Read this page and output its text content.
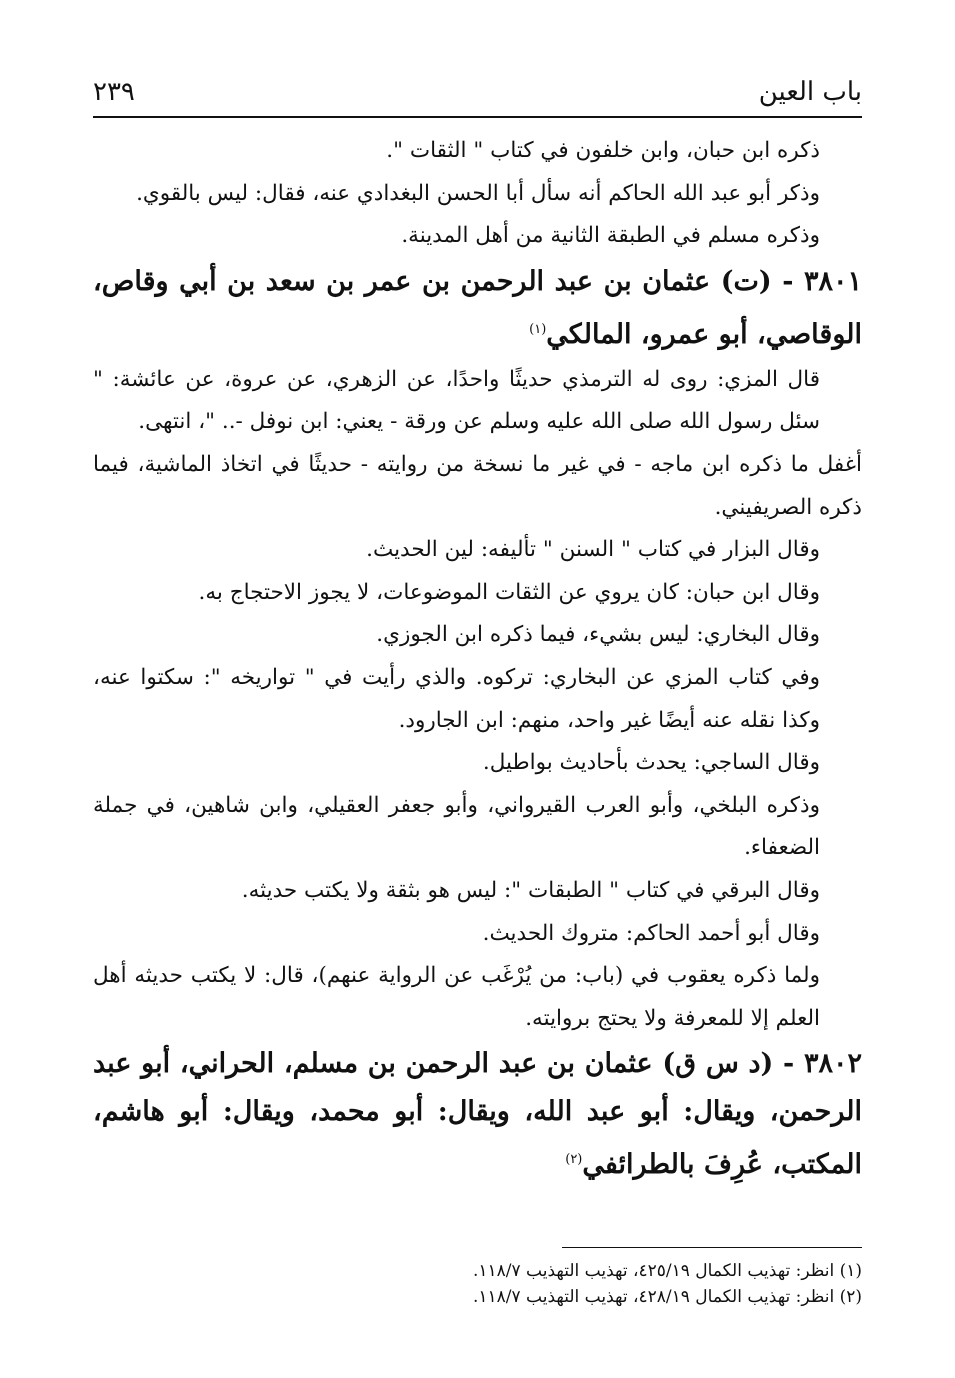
٢٣٩	باب العين

ذكره ابن حبان، وابن خلفون في كتاب " الثقات ".

وذكر أبو عبد الله الحاكم أنه سأل أبا الحسن البغدادي عنه، فقال: ليس بالقوي.

وذكره مسلم في الطبقة الثانية من أهل المدينة.

٣٨٠١ - (ت) عثمان بن عبد الرحمن بن عمر بن سعد بن أبي وقاص، الوقاصي، أبو عمرو، المالكي$^{(١)}$

قال المزي: روى له الترمذي حديثًا واحدًا، عن الزهري، عن عروة، عن عائشة: " سئل رسول الله صلى الله عليه وسلم عن ورقة - يعني: ابن نوفل -.. "، انتهى.

أغفل ما ذكره ابن ماجه - في غير ما نسخة من روايته - حديثًا في اتخاذ الماشية، فيما ذكره الصريفيني.

وقال البزار في كتاب " السنن " تأليفه: لين الحديث.

وقال ابن حبان: كان يروي عن الثقات الموضوعات، لا يجوز الاحتجاج به.

وقال البخاري: ليس بشيء، فيما ذكره ابن الجوزي.

وفي كتاب المزي عن البخاري: تركوه. والذي رأيت في " تواريخه ": سكتوا عنه، وكذا نقله عنه أيضًا غير واحد، منهم: ابن الجارود.

وقال الساجي: يحدث بأحاديث بواطيل.

وذكره البلخي، وأبو العرب القيرواني، وأبو جعفر العقيلي، وابن شاهين، في جملة الضعفاء.

وقال البرقي في كتاب " الطبقات ": ليس هو بثقة ولا يكتب حديثه.

وقال أبو أحمد الحاكم: متروك الحديث.

ولما ذكره يعقوب في (باب: من يُرْغَب عن الرواية عنهم)، قال: لا يكتب حديثه أهل العلم إلا للمعرفة ولا يحتج بروايته.

٣٨٠٢ - (د س ق) عثمان بن عبد الرحمن بن مسلم، الحراني، أبو عبد الرحمن، ويقال: أبو عبد الله، ويقال: أبو محمد، ويقال: أبو هاشم، المكتب، عُرِفَ بالطرائفي$^{(٢)}$

(١) انظر: تهذيب الكمال ٤٢٥/١٩، تهذيب التهذيب ١١٨/٧.

(٢) انظر: تهذيب الكمال ٤٢٨/١٩، تهذيب التهذيب ١١٨/٧.
